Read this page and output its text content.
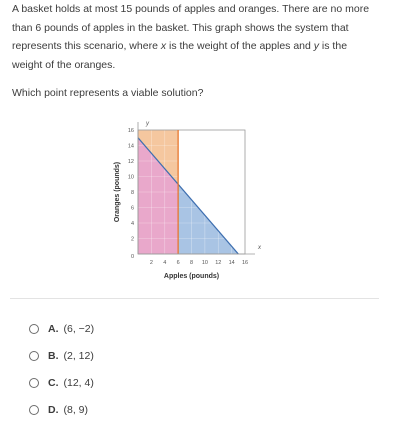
A basket holds at most 15 pounds of apples and oranges. There are no more
than 6 pounds of apples in the basket. This graph shows the system that
represents this scenario, where x is the weight of the apples and y is the
weight of the oranges.
Which point represents a viable solution?
2 4 6 8 10 12 14 16
2
4
6
8
10
12
14
16
0
x
y
Apples (pounds)
Oranges (pounds)
A. (6, −2)
B. (2, 12)
C. (12, 4)
D. (8, 9)
